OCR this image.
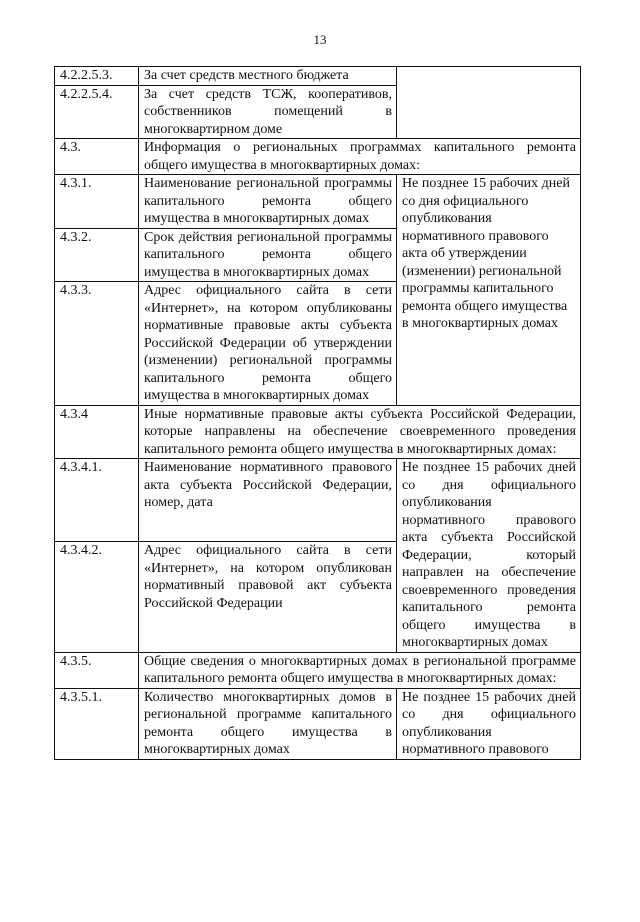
13
4.2.2.5.3.	За счет средств местного бюджета	
4.2.2.5.4.	За счет средств ТСЖ, кооперативов, собственников помещений в многоквартирном доме	
4.3.	Информация о региональных программах капитального ремонта общего имущества в многоквартирных домах:	
4.3.1.	Наименование региональной программы капитального ремонта общего имущества в многоквартирных домах	Не позднее 15 рабочих дней со дня официального опубликования нормативного правового акта об утверждении (изменении) региональной программы капитального ремонта общего имущества в многоквартирных домах
4.3.2.	Срок действия региональной программы капитального ремонта общего имущества в многоквартирных домах	
4.3.3.	Адрес официального сайта в сети «Интернет», на котором опубликованы нормативные правовые акты субъекта Российской Федерации об утверждении (изменении) региональной программы капитального ремонта общего имущества в многоквартирных домах	
4.3.4	Иные нормативные правовые акты субъекта Российской Федерации, которые направлены на обеспечение своевременного проведения капитального ремонта общего имущества в многоквартирных домах:	
4.3.4.1.	Наименование нормативного правового акта субъекта Российской Федерации, номер, дата	Не позднее 15 рабочих дней со дня официального опубликования нормативного правового акта субъекта Российской Федерации, который направлен на обеспечение своевременного проведения капитального ремонта общего имущества в многоквартирных домах
4.3.4.2.	Адрес официального сайта в сети «Интернет», на котором опубликован нормативный правовой акт субъекта Российской Федерации	
4.3.5.	Общие сведения о многоквартирных домах в региональной программе капитального ремонта общего имущества в многоквартирных домах:	
4.3.5.1.	Количество многоквартирных домов в региональной программе капитального ремонта общего имущества в многоквартирных домах	Не позднее 15 рабочих дней со дня официального опубликования нормативного правового
